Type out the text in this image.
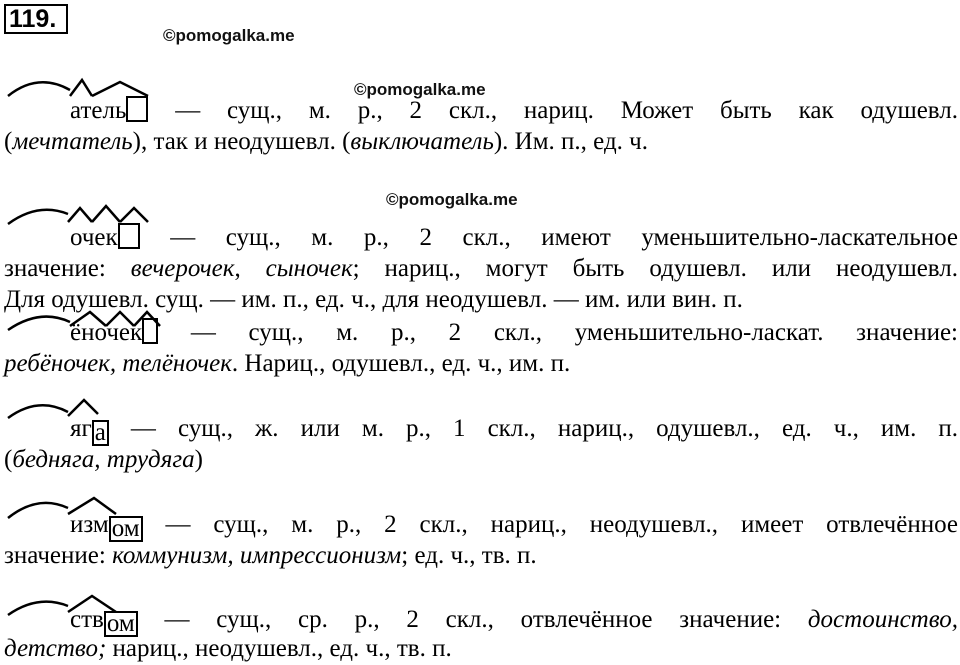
119.
©pomogalka.me
©pomogalka.me
©pomogalka.me
атель — сущ., м. р., 2 скл., нариц. Может быть как одушевл.
(мечтатель), так и неодушевл. (выключатель). Им. п., ед. ч.
очек — сущ., м. р., 2 скл., имеют уменьшительно-ласкательное
значение: вечерочек, сыночек; нариц., могут быть одушевл. или неодушевл.
Для одушевл. сущ. — им. п., ед. ч., для неодушевл. — им. или вин. п.
ёночек — сущ., м. р., 2 скл., уменьшительно-ласкат. значение:
ребёночек, телёночек. Нариц., одушевл., ед. ч., им. п.
яг а — сущ., ж. или м. р., 1 скл., нариц., одушевл., ед. ч., им. п.
(бедняга, трудяга)
изм ом — сущ., м. р., 2 скл., нариц., неодушевл., имеет отвлечённое
значение: коммунизм, импрессионизм; ед. ч., тв. п.
ств ом — сущ., ср. р., 2 скл., отвлечённое значение: достоинство,
детство; нариц., неодушевл., ед. ч., тв. п.
